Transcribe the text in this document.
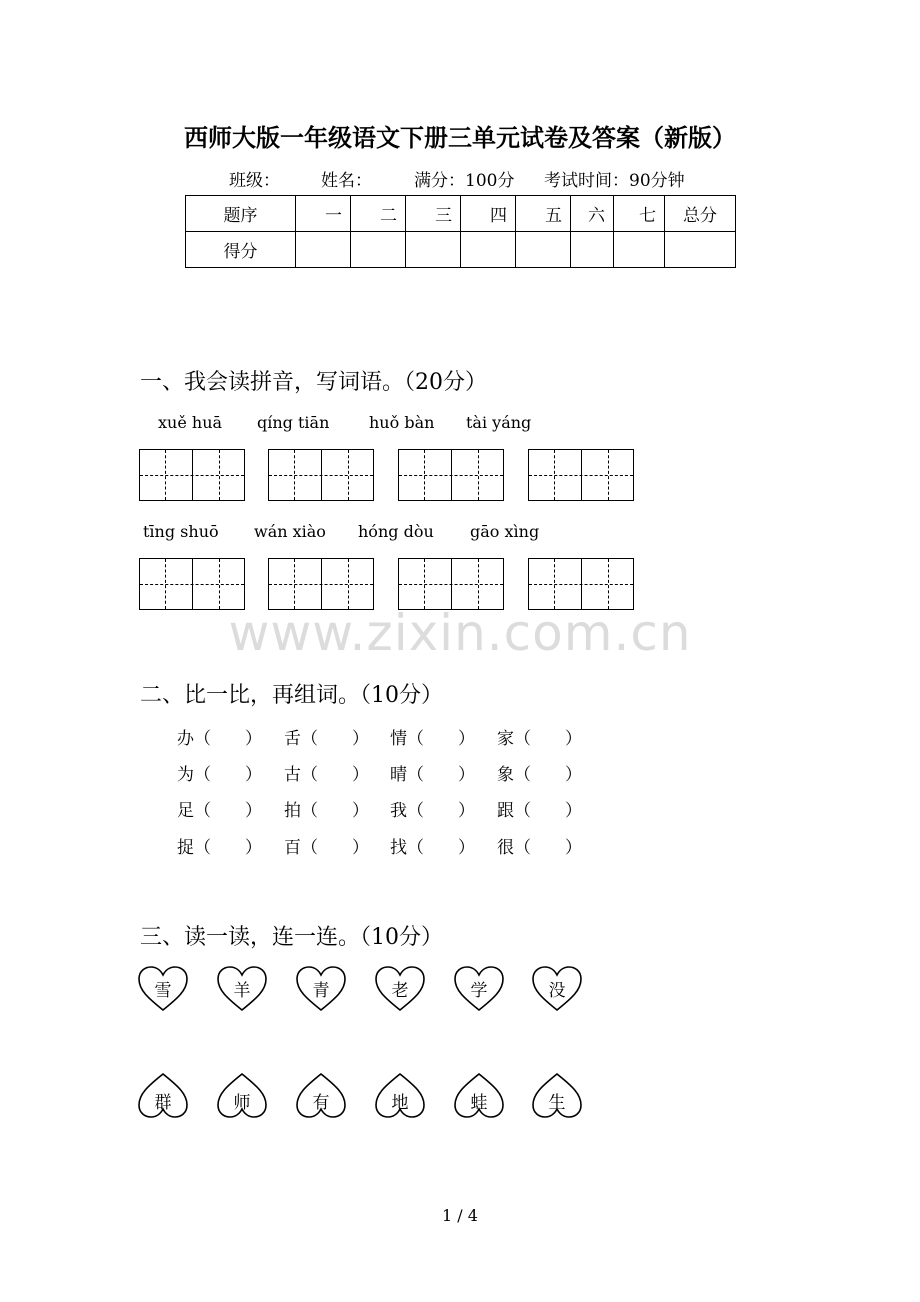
西师大版一年级语文下册三单元试卷及答案（新版）
班级： 姓名： 满分：100分 考试时间：90分钟
题序	一	二	三	四	五	六	七	总分
得分								
一、我会读拼音，写词语。（20分）
xuě huā qíng tiān huǒ bàn tài yáng
tīng shuō wán xiào hóng dòu gāo xìng
www.zixin.com.cn
二、比一比，再组词。（10分）
办（　　） 舌（　　） 情（　　） 家（　　）
为（　　） 古（　　） 晴（　　） 象（　　）
足（　　） 拍（　　） 我（　　） 跟（　　）
捉（　　） 百（　　） 找（　　） 很（　　）
三、读一读，连一连。（10分）
雪	羊	青	老	学	没
群	师	有	地	蛙	生
1 / 4
